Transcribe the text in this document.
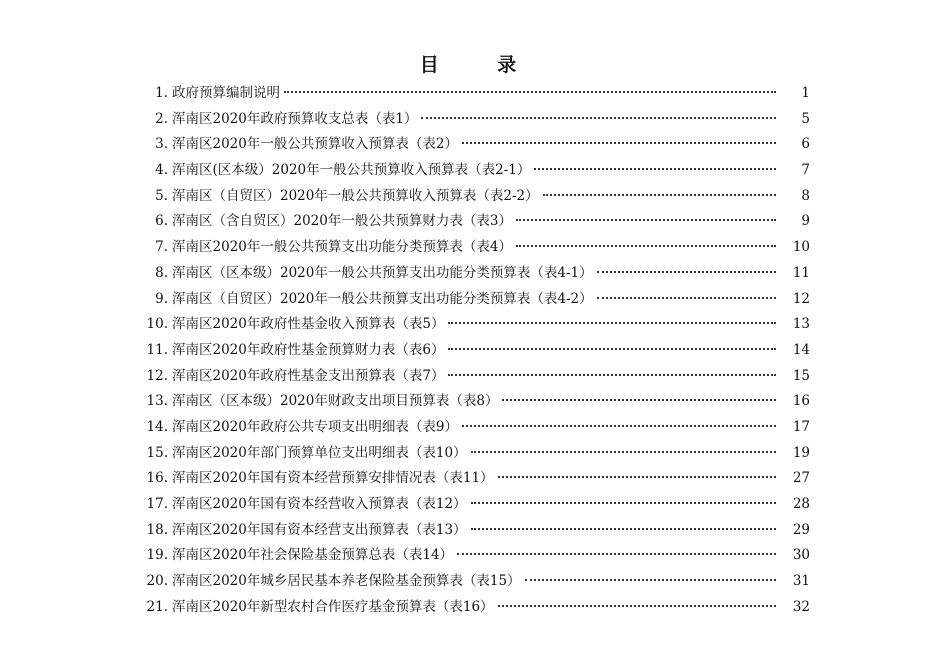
目 录
1. 政府预算编制说明	1
2. 浑南区2020年政府预算收支总表（表1）	5
3. 浑南区2020年一般公共预算收入预算表（表2）	6
4. 浑南区(区本级）2020年一般公共预算收入预算表（表2-1）	7
5. 浑南区（自贸区）2020年一般公共预算收入预算表（表2-2）	8
6. 浑南区（含自贸区）2020年一般公共预算财力表（表3）	9
7. 浑南区2020年一般公共预算支出功能分类预算表（表4）	10
8. 浑南区（区本级）2020年一般公共预算支出功能分类预算表（表4-1）	11
9. 浑南区（自贸区）2020年一般公共预算支出功能分类预算表（表4-2）	12
10. 浑南区2020年政府性基金收入预算表（表5）	13
11. 浑南区2020年政府性基金预算财力表（表6）	14
12. 浑南区2020年政府性基金支出预算表（表7）	15
13. 浑南区（区本级）2020年财政支出项目预算表（表8）	16
14. 浑南区2020年政府公共专项支出明细表（表9）	17
15. 浑南区2020年部门预算单位支出明细表（表10）	19
16. 浑南区2020年国有资本经营预算安排情况表（表11）	27
17. 浑南区2020年国有资本经营收入预算表（表12）	28
18. 浑南区2020年国有资本经营支出预算表（表13）	29
19. 浑南区2020年社会保险基金预算总表（表14）	30
20. 浑南区2020年城乡居民基本养老保险基金预算表（表15）	31
21. 浑南区2020年新型农村合作医疗基金预算表（表16）	32
